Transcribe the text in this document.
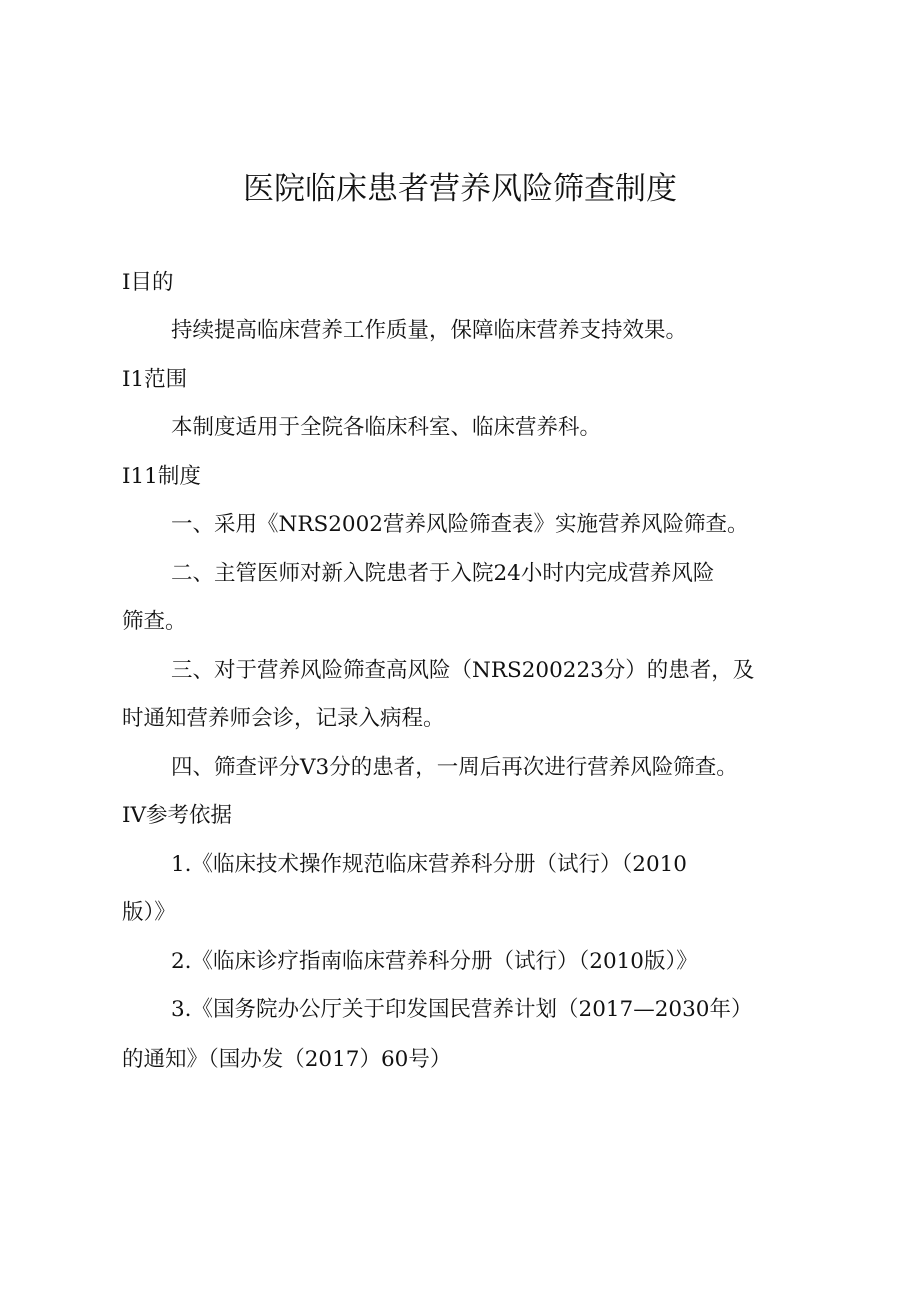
医院临床患者营养风险筛查制度
I目的
持续提高临床营养工作质量，保障临床营养支持效果。
I1范围
本制度适用于全院各临床科室、临床营养科。
I11制度
一、采用《NRS2002营养风险筛查表》实施营养风险筛查。
二、主管医师对新入院患者于入院24小时内完成营养风险
筛查。
三、对于营养风险筛查高风险（NRS200223分）的患者，及
时通知营养师会诊，记录入病程。
四、筛查评分V3分的患者，一周后再次进行营养风险筛查。
IV参考依据
1.《临床技术操作规范临床营养科分册（试行）（2010
版）》
2.《临床诊疗指南临床营养科分册（试行）（2010版）》
3.《国务院办公厅关于印发国民营养计划（2017—2030年）
的通知》（国办发（2017）60号）
